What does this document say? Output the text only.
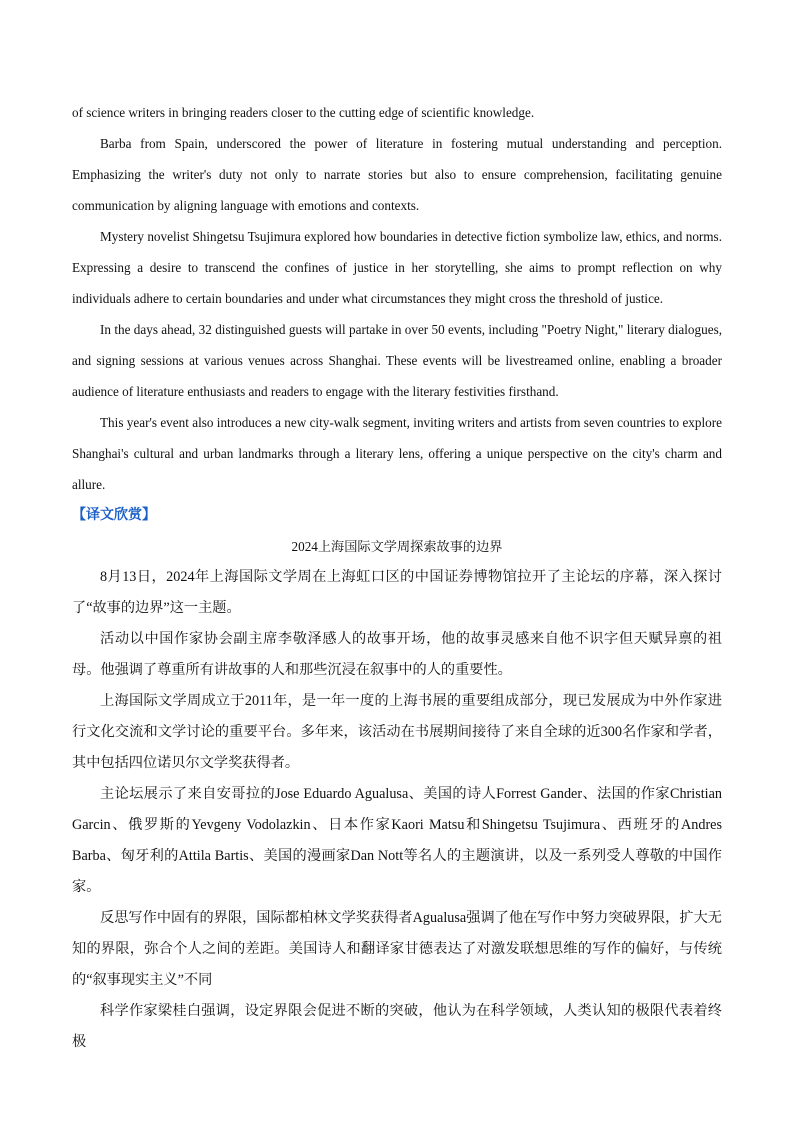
of science writers in bringing readers closer to the cutting edge of scientific knowledge.

Barba from Spain, underscored the power of literature in fostering mutual understanding and perception. Emphasizing the writer's duty not only to narrate stories but also to ensure comprehension, facilitating genuine communication by aligning language with emotions and contexts.

Mystery novelist Shingetsu Tsujimura explored how boundaries in detective fiction symbolize law, ethics, and norms. Expressing a desire to transcend the confines of justice in her storytelling, she aims to prompt reflection on why individuals adhere to certain boundaries and under what circumstances they might cross the threshold of justice.

In the days ahead, 32 distinguished guests will partake in over 50 events, including "Poetry Night," literary dialogues, and signing sessions at various venues across Shanghai. These events will be livestreamed online, enabling a broader audience of literature enthusiasts and readers to engage with the literary festivities firsthand.

This year's event also introduces a new city-walk segment, inviting writers and artists from seven countries to explore Shanghai's cultural and urban landmarks through a literary lens, offering a unique perspective on the city's charm and allure.

【译文欣赏】
2024上海国际文学周探索故事的边界

8月13日，2024年上海国际文学周在上海虹口区的中国证券博物馆拉开了主论坛的序幕，深入探讨了“故事的边界”这一主题。

活动以中国作家协会副主席李敬泽感人的故事开场，他的故事灵感来自他不识字但天赋异禀的祖母。他强调了尊重所有讲故事的人和那些沉浸在叙事中的人的重要性。

上海国际文学周成立于2011年，是一年一度的上海书展的重要组成部分，现已发展成为中外作家进行文化交流和文学讨论的重要平台。多年来，该活动在书展期间接待了来自全球的近300名作家和学者，其中包括四位诺贝尔文学奖获得者。

主论坛展示了来自安哥拉的Jose Eduardo Agualusa、美国的诗人Forrest Gander、法国的作家Christian Garcin、俄罗斯的Yevgeny Vodolazkin、日本作家Kaori Matsu和Shingetsu Tsujimura、西班牙的Andres Barba、匈牙利的Attila Bartis、美国的漫画家Dan Nott等名人的主题演讲，以及一系列受人尊敬的中国作家。

反思写作中固有的界限，国际都柏林文学奖获得者Agualusa强调了他在写作中努力突破界限，扩大无知的界限，弥合个人之间的差距。美国诗人和翻译家甘德表达了对激发联想思维的写作的偏好，与传统的“叙事现实主义”不同

科学作家梁桂白强调，设定界限会促进不断的突破，他认为在科学领域，人类认知的极限代表着终极
